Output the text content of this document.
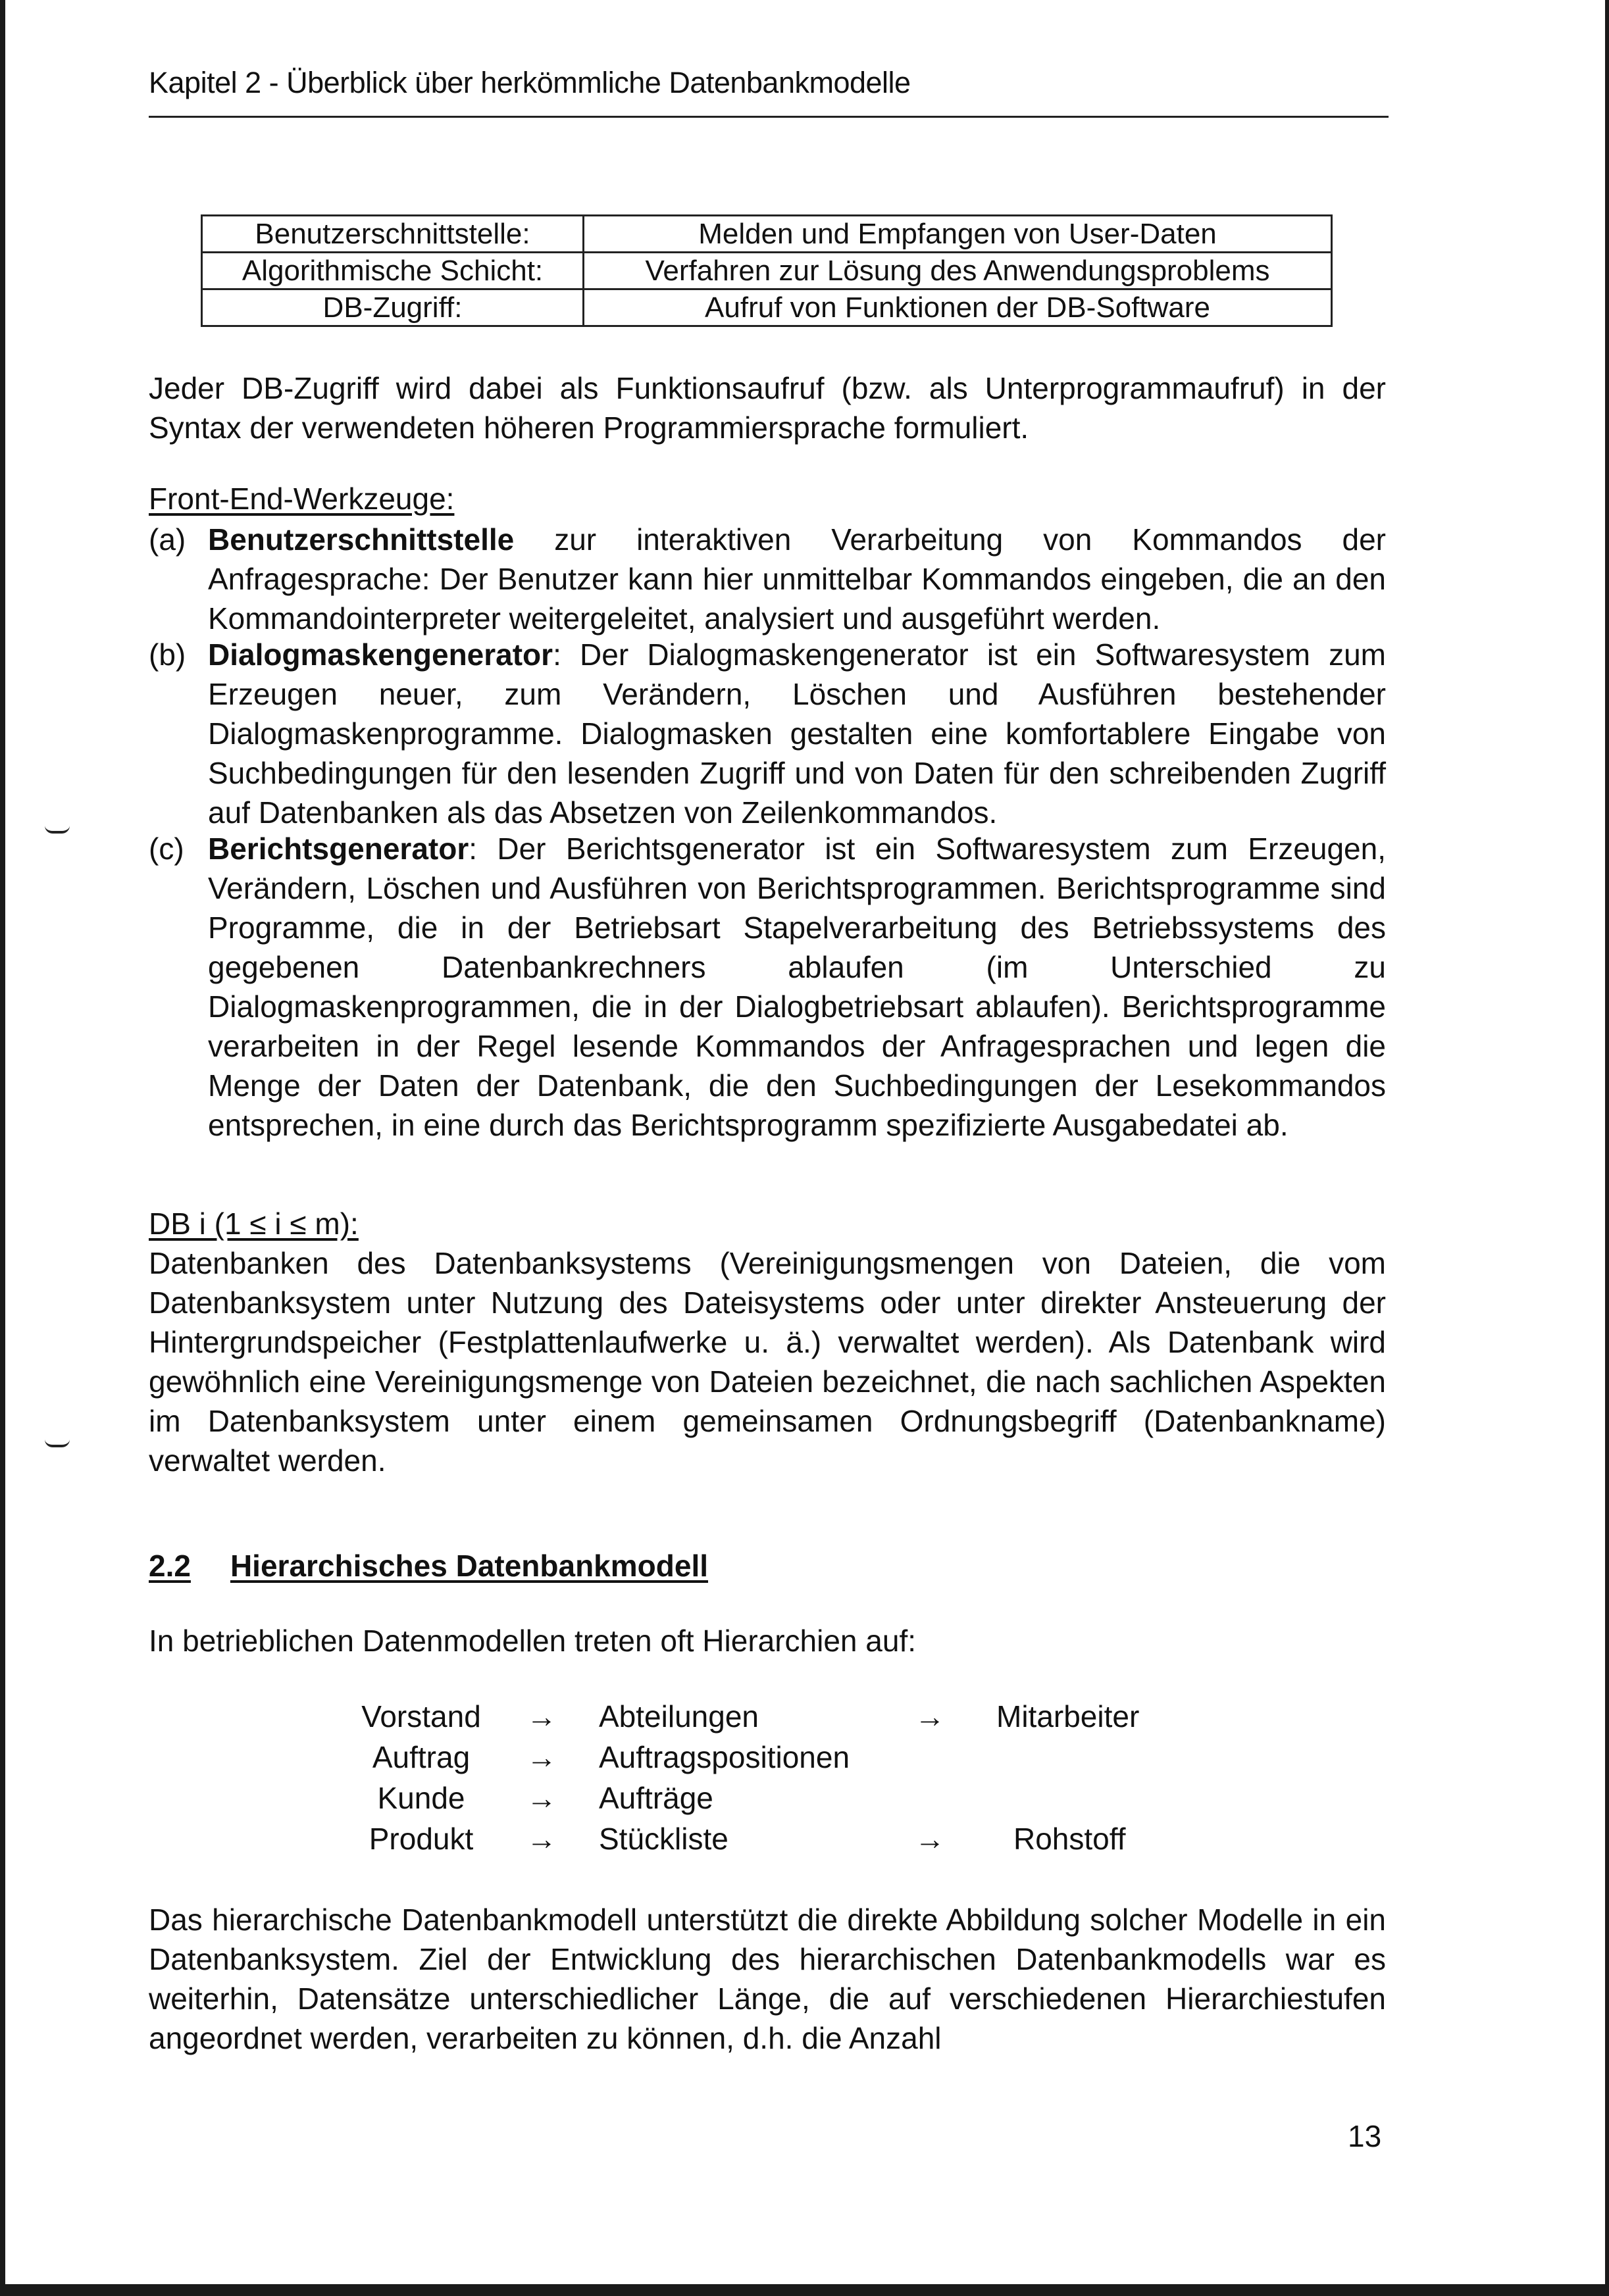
Kapitel 2 - Überblick über herkömmliche Datenbankmodelle
Benutzerschnittstelle:	Melden und Empfangen von User-Daten
Algorithmische Schicht:	Verfahren zur Lösung des Anwendungsproblems
DB-Zugriff:	Aufruf von Funktionen der DB-Software
Jeder DB-Zugriff wird dabei als Funktionsaufruf (bzw. als Unterprogrammaufruf) in der Syntax der verwendeten höheren Programmiersprache formuliert.
Front-End-Werkzeuge:
(a) Benutzerschnittstelle zur interaktiven Verarbeitung von Kommandos der Anfragesprache: Der Benutzer kann hier unmittelbar Kommandos eingeben, die an den Kommandointerpreter weitergeleitet, analysiert und ausgeführt werden.
(b) Dialogmaskengenerator: Der Dialogmaskengenerator ist ein Softwaresystem zum Erzeugen neuer, zum Verändern, Löschen und Ausführen bestehender Dialogmaskenprogramme. Dialogmasken gestalten eine komfortablere Eingabe von Suchbedingungen für den lesenden Zugriff und von Daten für den schreibenden Zugriff auf Datenbanken als das Absetzen von Zeilenkommandos.
(c) Berichtsgenerator: Der Berichtsgenerator ist ein Softwaresystem zum Erzeugen, Verändern, Löschen und Ausführen von Berichtsprogrammen. Berichtsprogramme sind Programme, die in der Betriebsart Stapelverarbeitung des Betriebssystems des gegebenen Datenbankrechners ablaufen (im Unterschied zu Dialogmaskenprogrammen, die in der Dialogbetriebsart ablaufen). Berichtsprogramme verarbeiten in der Regel lesende Kommandos der Anfragesprachen und legen die Menge der Daten der Datenbank, die den Suchbedingungen der Lesekommandos entsprechen, in eine durch das Berichtsprogramm spezifizierte Ausgabedatei ab.
DB i (1 ≤ i ≤ m):
Datenbanken des Datenbanksystems (Vereinigungsmengen von Dateien, die vom Datenbanksystem unter Nutzung des Dateisystems oder unter direkter Ansteuerung der Hintergrundspeicher (Festplattenlaufwerke u. ä.) verwaltet werden). Als Datenbank wird gewöhnlich eine Vereinigungsmenge von Dateien bezeichnet, die nach sachlichen Aspekten im Datenbanksystem unter einem gemeinsamen Ordnungsbegriff (Datenbankname) verwaltet werden.
2.2 Hierarchisches Datenbankmodell
In betrieblichen Datenmodellen treten oft Hierarchien auf:
Vorstand	→ Abteilungen	→ Mitarbeiter
Auftrag	→ Auftragspositionen
Kunde	→ Aufträge
Produkt	→ Stückliste	→ Rohstoff
Das hierarchische Datenbankmodell unterstützt die direkte Abbildung solcher Modelle in ein Datenbanksystem. Ziel der Entwicklung des hierarchischen Datenbankmodells war es weiterhin, Datensätze unterschiedlicher Länge, die auf verschiedenen Hierarchiestufen angeordnet werden, verarbeiten zu können, d.h. die Anzahl
13
